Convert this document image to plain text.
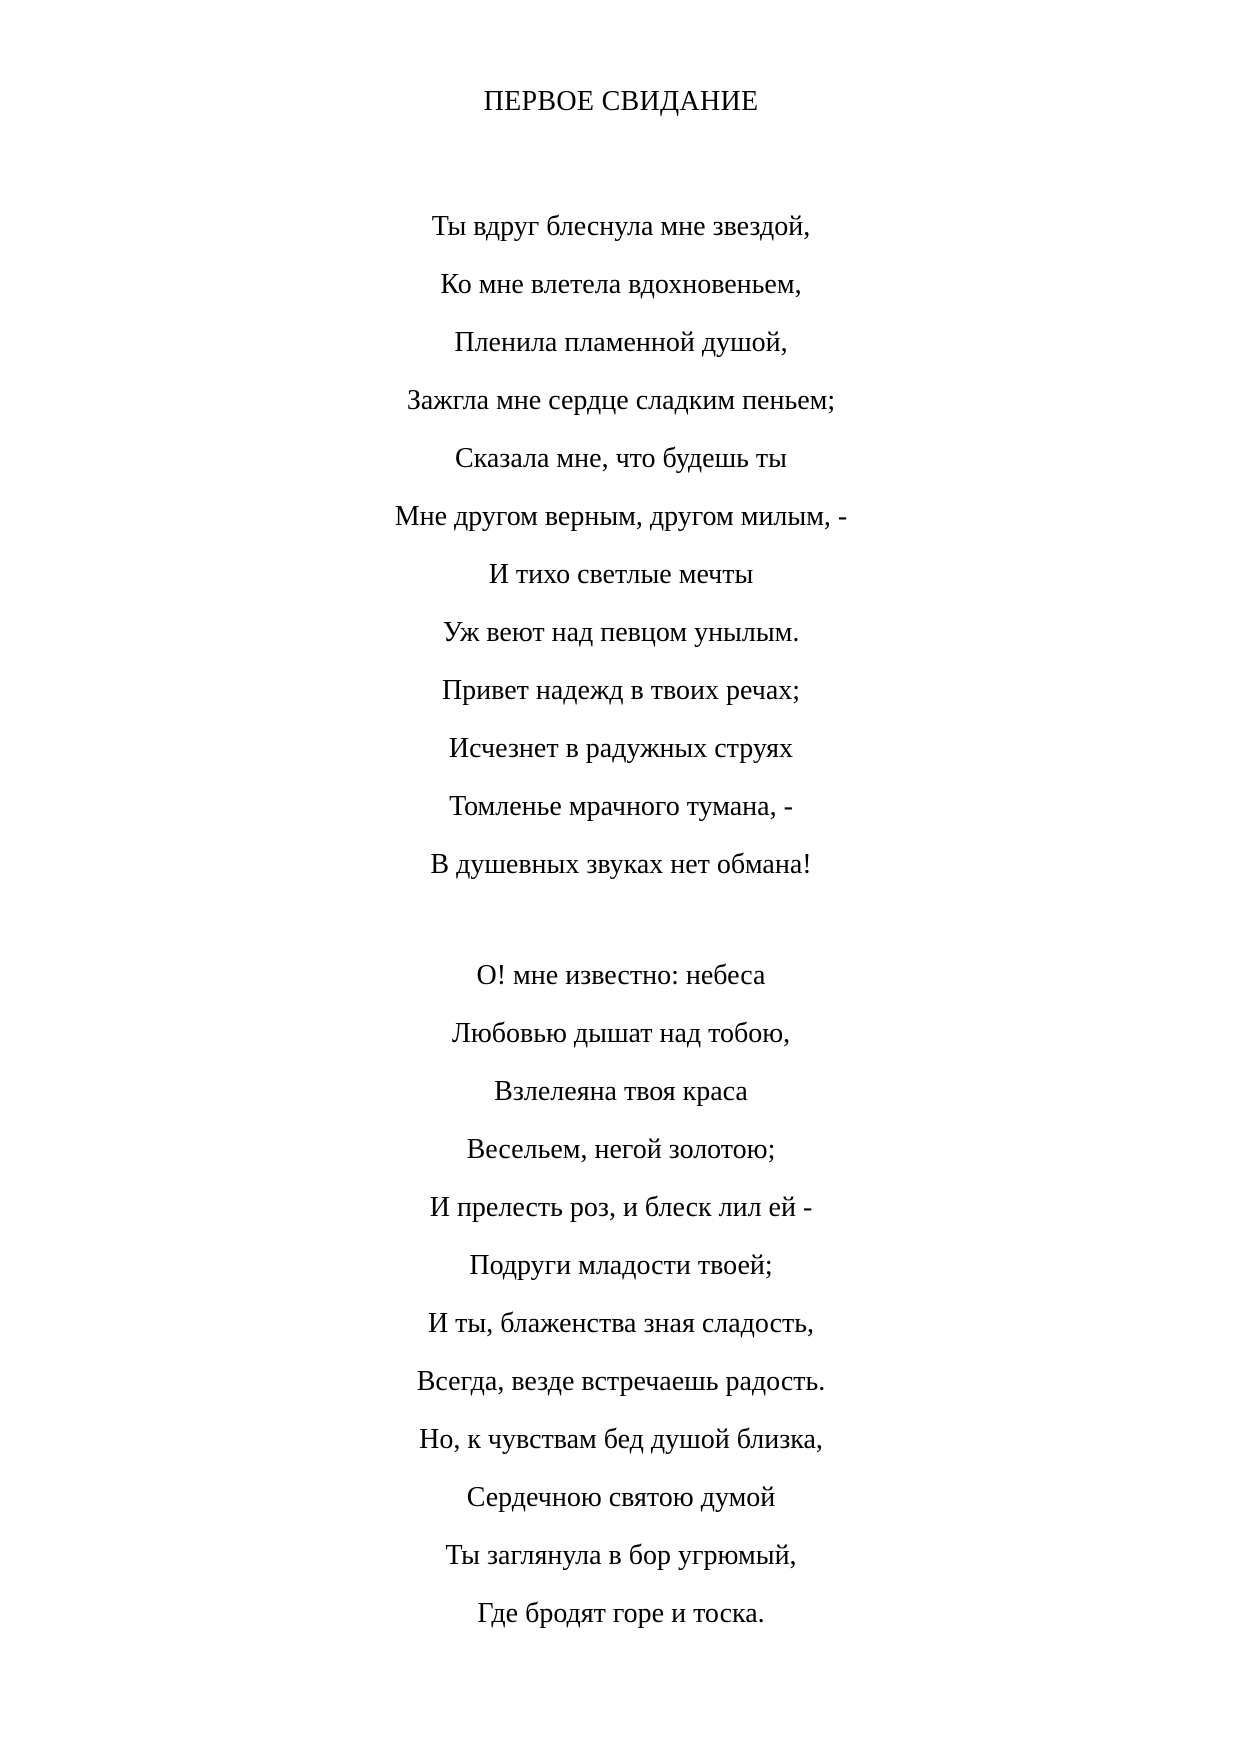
ПЕРВОЕ СВИДАНИЕ
Ты вдруг блеснула мне звездой,
Ко мне влетела вдохновеньем,
Пленила пламенной душой,
Зажгла мне сердце сладким пеньем;
Сказала мне, что будешь ты
Мне другом верным, другом милым, -
И тихо светлые мечты
Уж веют над певцом унылым.
Привет надежд в твоих речах;
Исчезнет в радужных струях
Томленье мрачного тумана, -
В душевных звуках нет обмана!
О! мне известно: небеса
Любовью дышат над тобою,
Взлелеяна твоя краса
Весельем, негой золотою;
И прелесть роз, и блеск лил ей -
Подруги младости твоей;
И ты, блаженства зная сладость,
Всегда, везде встречаешь радость.
Но, к чувствам бед душой близка,
Сердечною святою думой
Ты заглянула в бор угрюмый,
Где бродят горе и тоска.
